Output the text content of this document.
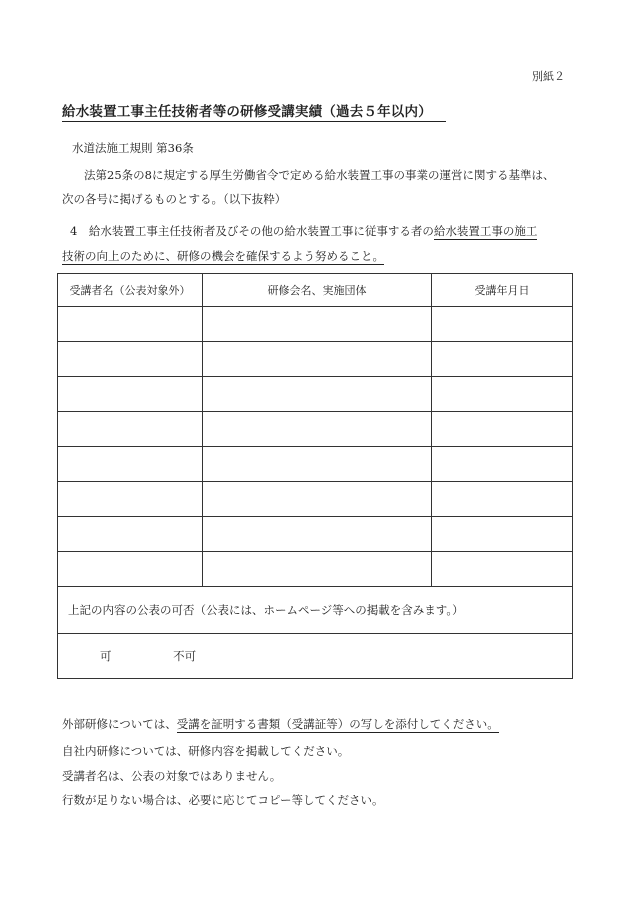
別紙２
給水装置工事主任技術者等の研修受講実績（過去５年以内）
水道法施工規則 第36条
法第25条の8に規定する厚生労働省令で定める給水装置工事の事業の運営に関する基準は、
次の各号に掲げるものとする。（以下抜粋）
4　給水装置工事主任技術者及びその他の給水装置工事に従事する者の給水装置工事の施工
技術の向上のために、研修の機会を確保するよう努めること。
受講者名（公表対象外）	研修会名、実施団体	受講年月日

上記の内容の公表の可否（公表には、ホームページ等への掲載を含みます。）		
可 不可		
外部研修については、受講を証明する書類（受講証等）の写しを添付してください。
自社内研修については、研修内容を掲載してください。
受講者名は、公表の対象ではありません。
行数が足りない場合は、必要に応じてコピー等してください。
